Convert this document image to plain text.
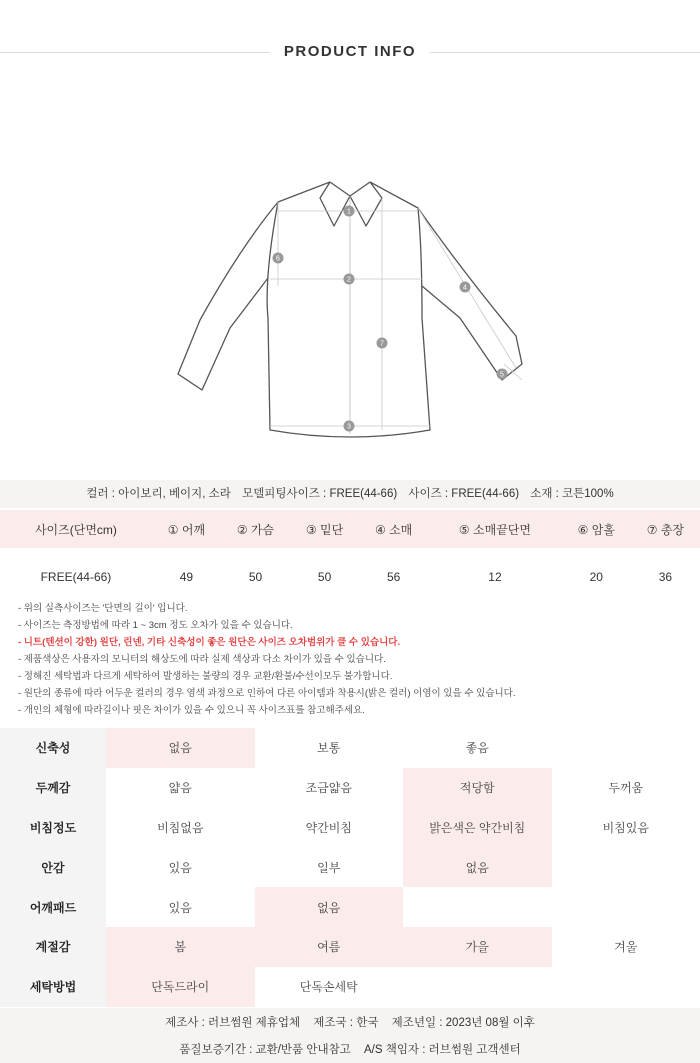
PRODUCT INFO
1
2
3
4
5
6
7
컬러 : 아이보리, 베이지, 소라 모델피팅사이즈 : FREE(44-66) 사이즈 : FREE(44-66) 소재 : 코튼100%
사이즈(단면cm)	① 어깨	② 가슴	③ 밑단	④ 소매	⑤ 소매끝단면	⑥ 암홀	⑦ 총장
FREE(44-66)	49	50	50	56	12	20	36
- 위의 실측사이즈는 '단면의 길이' 입니다.
- 사이즈는 측정방법에 따라 1 ~ 3cm 정도 오차가 있을 수 있습니다.
- 니트(텐션이 강한) 원단, 린넨, 기타 신축성이 좋은 원단은 사이즈 오차범위가 클 수 있습니다.
- 제품색상은 사용자의 모니터의 해상도에 따라 실제 색상과 다소 차이가 있을 수 있습니다.
- 정해진 세탁법과 다르게 세탁하여 발생하는 불량의 경우 교환/환불/수선이모두 불가합니다.
- 원단의 종류에 따라 어두운 컬러의 경우 염색 과정으로 인하여 다른 아이템과 착용시(밝은 컬러) 이염이 있을 수 있습니다.
- 개인의 체형에 따라길이나 핏은 차이가 있을 수 있으니 꼭 사이즈표를 참고해주세요.
신축성	없음	보통	좋음	
두께감	얇음	조금얇음	적당함	두꺼움
비침정도	비침없음	약간비침	밝은색은 약간비침	비침있음
안감	있음	일부	없음	
어깨패드	있음	없음		
계절감	봄	여름	가을	겨울
세탁방법	단독드라이	단독손세탁		
제조사 : 러브썸원 제휴업체 제조국 : 한국 제조년일 : 2023년 08월 이후
품질보증기간 : 교환/반품 안내참고 A/S 책임자 : 러브썸원 고객센터
